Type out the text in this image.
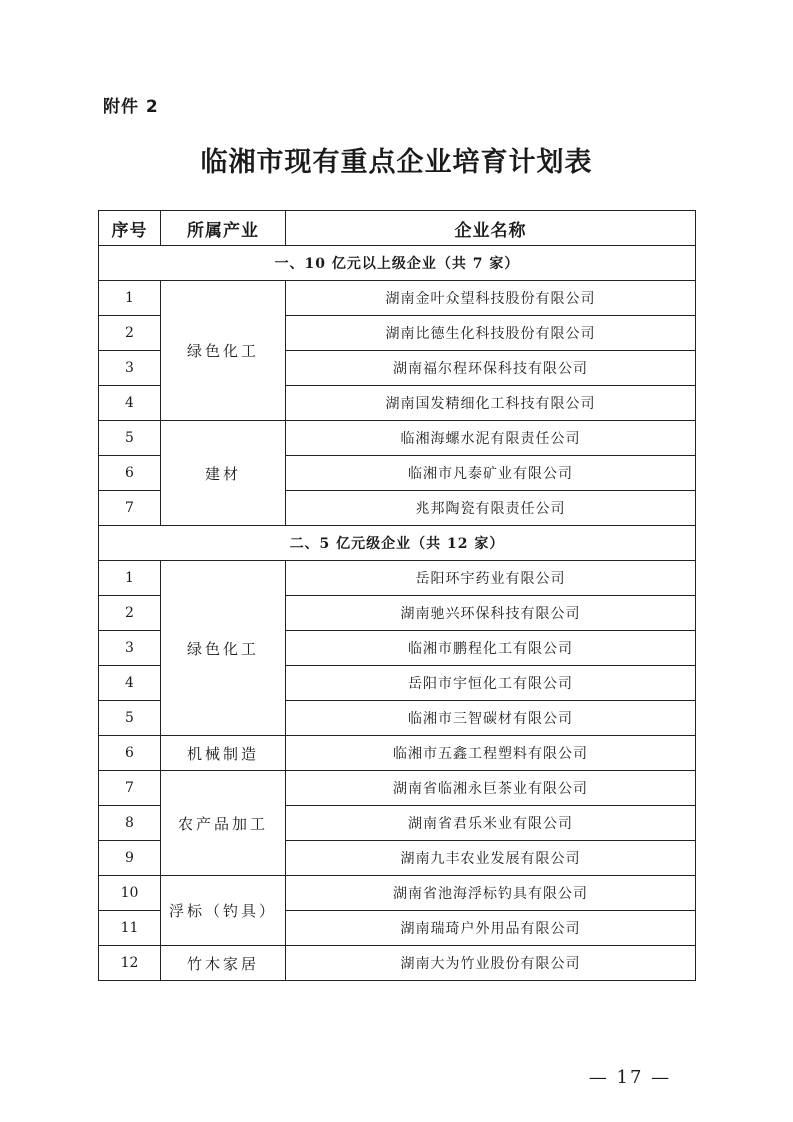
附件 2
临湘市现有重点企业培育计划表
序号	所属产业	企业名称
一、10 亿元以上级企业（共 7 家）		
1	绿色化工	湖南金叶众望科技股份有限公司
2		湖南比德生化科技股份有限公司
3		湖南福尔程环保科技有限公司
4		湖南国发精细化工科技有限公司
5	建材	临湘海螺水泥有限责任公司
6		临湘市凡泰矿业有限公司
7		兆邦陶瓷有限责任公司
二、5 亿元级企业（共 12 家）		
1	绿色化工	岳阳环宇药业有限公司
2		湖南驰兴环保科技有限公司
3		临湘市鹏程化工有限公司
4		岳阳市宇恒化工有限公司
5		临湘市三智碳材有限公司
6	机械制造	临湘市五鑫工程塑料有限公司
7	农产品加工	湖南省临湘永巨茶业有限公司
8		湖南省君乐米业有限公司
9		湖南九丰农业发展有限公司
10	浮标（钓具）	湖南省池海浮标钓具有限公司
11		湖南瑞琦户外用品有限公司
12	竹木家居	湖南大为竹业股份有限公司
— 17 —
